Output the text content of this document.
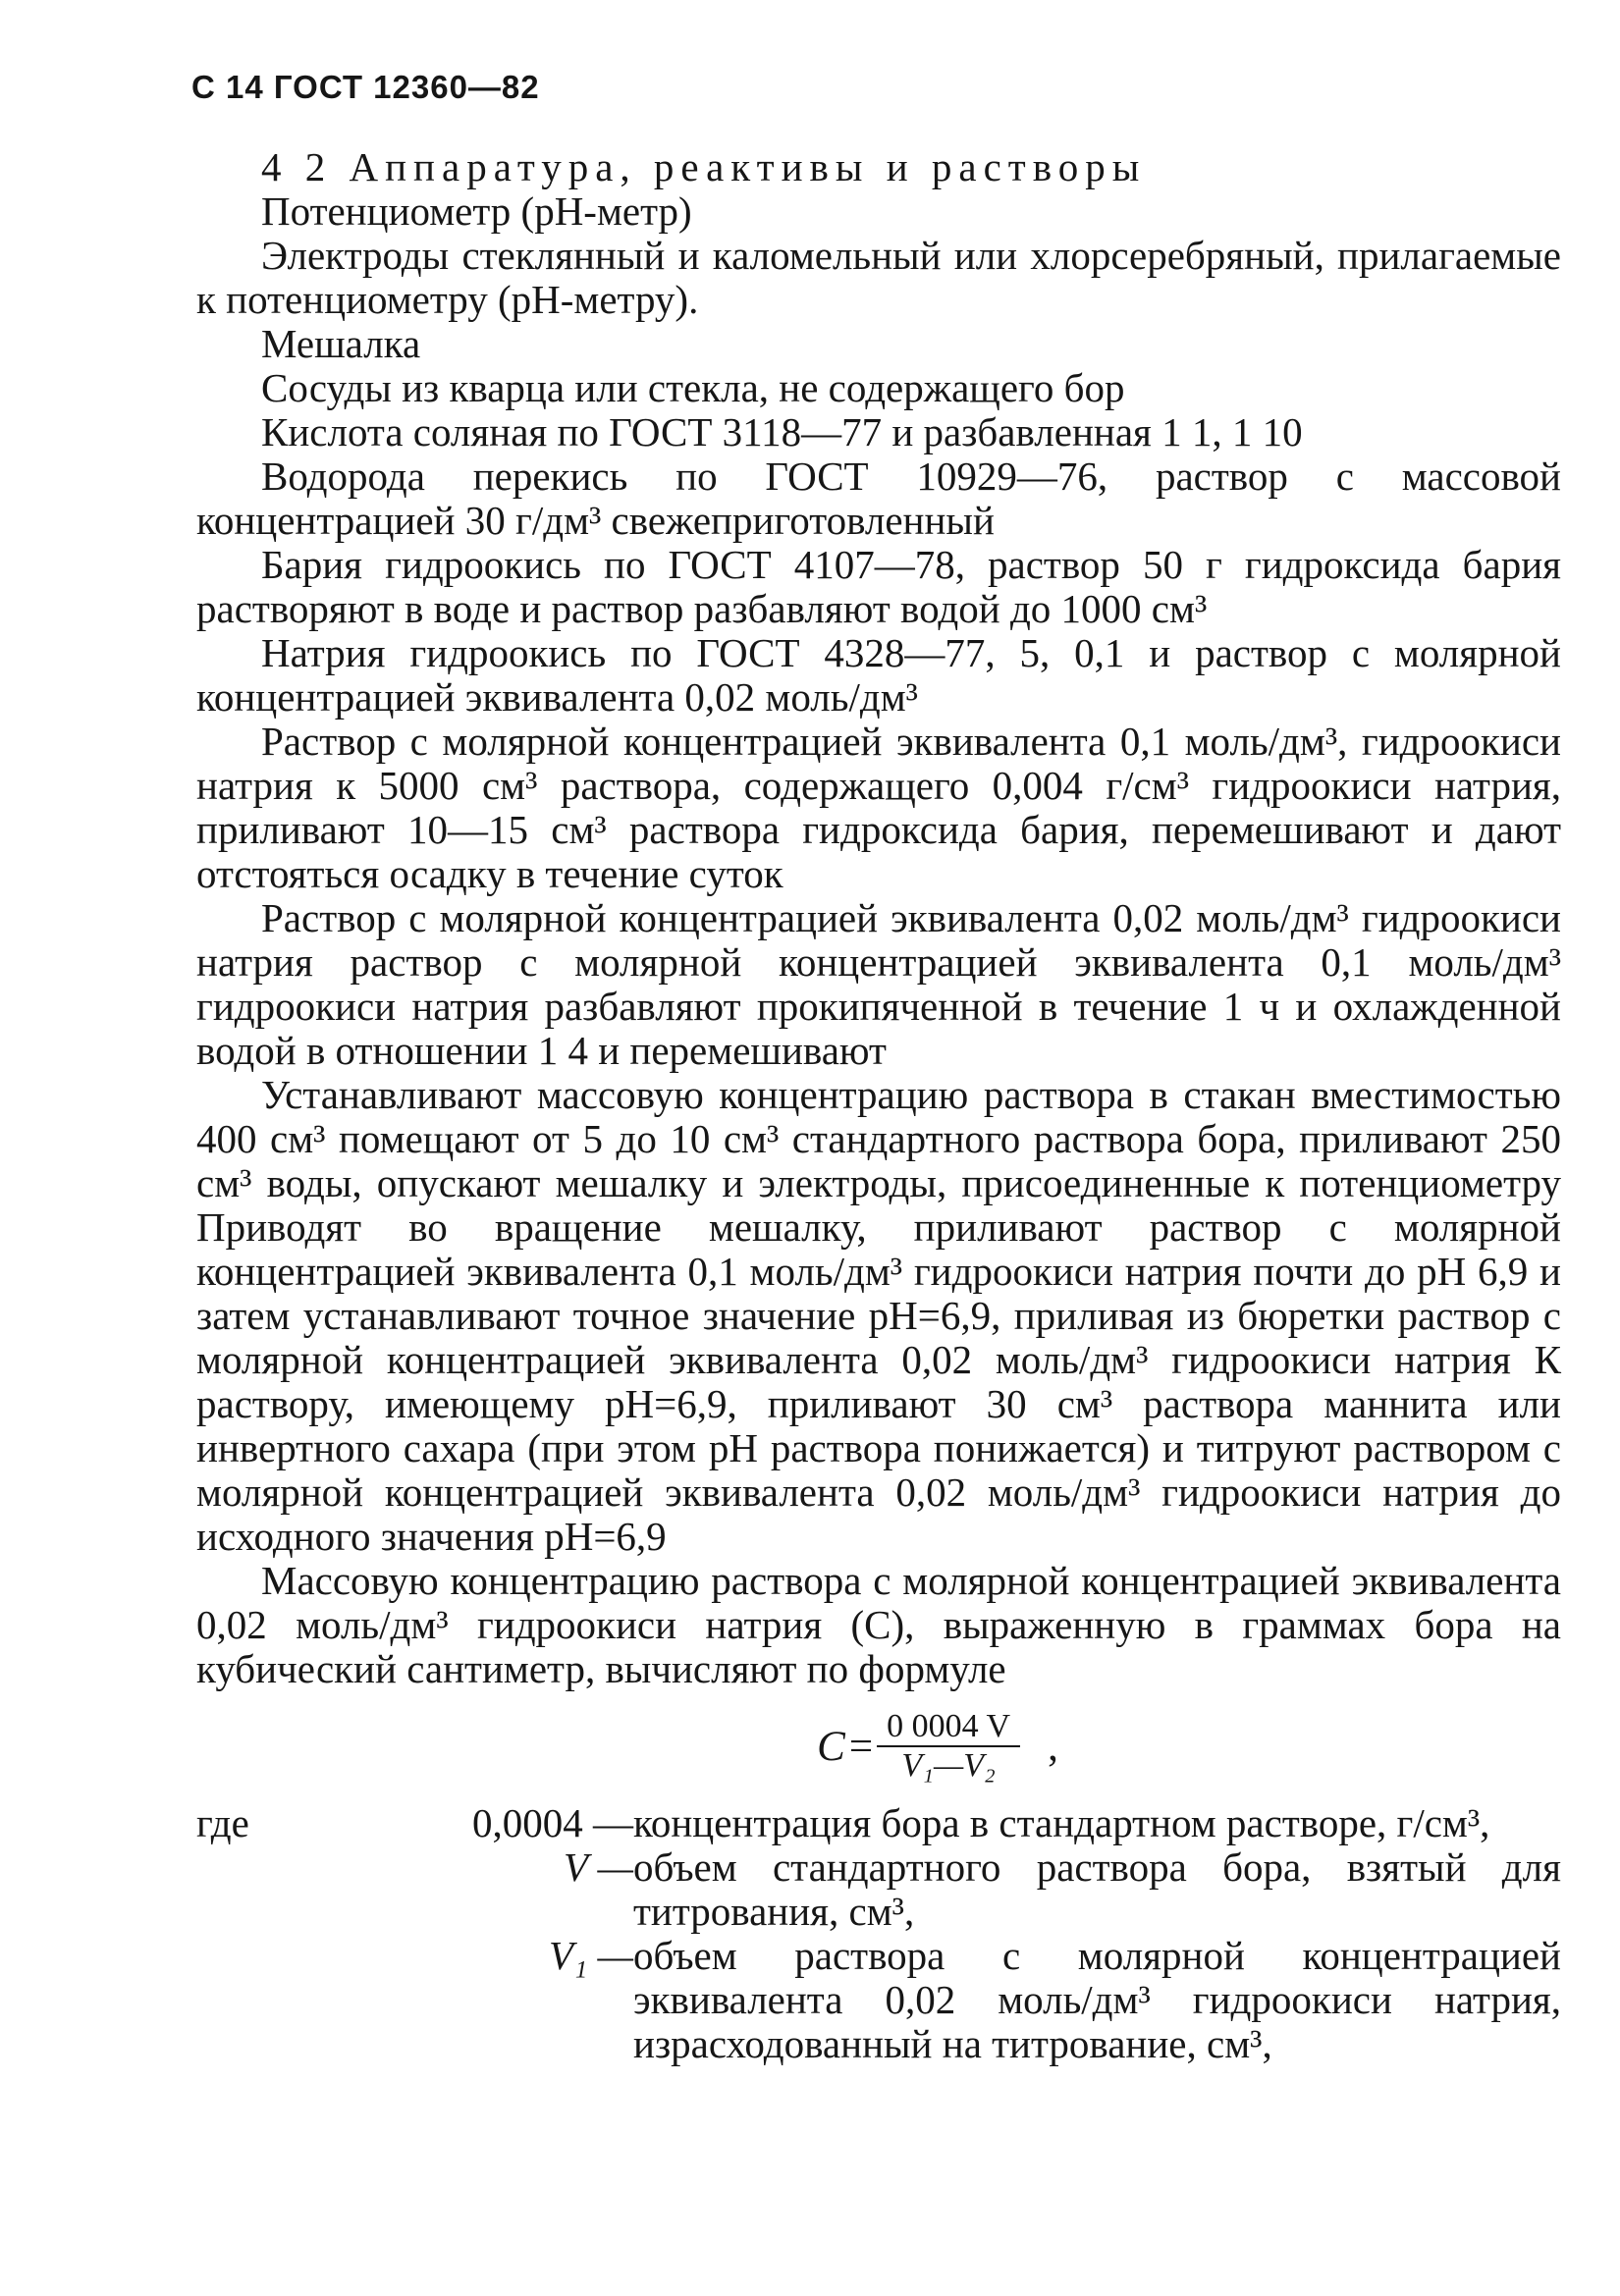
С 14 ГОСТ 12360—82

4 2 Аппаратура, реактивы и растворы

Потенциометр (рН-метр)

Электроды стеклянный и каломельный или хлорсеребряный, прилагаемые к потенциометру (рН-метру).

Мешалка

Сосуды из кварца или стекла, не содержащего бор

Кислота соляная по ГОСТ 3118—77 и разбавленная 1 1, 1 10

Водорода перекись по ГОСТ 10929—76, раствор с массовой концентрацией 30 г/дм³ свежеприготовленный

Бария гидроокись по ГОСТ 4107—78, раствор 50 г гидроксида бария растворяют в воде и раствор разбавляют водой до 1000 см³

Натрия гидроокись по ГОСТ 4328—77, 5, 0,1 и раствор с молярной концентрацией эквивалента 0,02 моль/дм³

Раствор с молярной концентрацией эквивалента 0,1 моль/дм³, гидроокиси натрия к 5000 см³ раствора, содержащего 0,004 г/см³ гидроокиси натрия, приливают 10—15 см³ раствора гидроксида бария, перемешивают и дают отстояться осадку в течение суток

Раствор с молярной концентрацией эквивалента 0,02 моль/дм³ гидроокиси натрия раствор с молярной концентрацией эквивалента 0,1 моль/дм³ гидроокиси натрия разбавляют прокипяченной в течение 1 ч и охлажденной водой в отношении 1 4 и перемешивают

Устанавливают массовую концентрацию раствора в стакан вместимостью 400 см³ помещают от 5 до 10 см³ стандартного раствора бора, приливают 250 см³ воды, опускают мешалку и электроды, присоединенные к потенциометру Приводят во вращение мешалку, приливают раствор с молярной концентрацией эквивалента 0,1 моль/дм³ гидроокиси натрия почти до рН 6,9 и затем устанавливают точное значение рН=6,9, приливая из бюретки раствор с молярной концентрацией эквивалента 0,02 моль/дм³ гидроокиси натрия К раствору, имеющему рН=6,9, приливают 30 см³ раствора маннита или инвертного сахара (при этом рН раствора понижается) и титруют раствором с молярной концентрацией эквивалента 0,02 моль/дм³ гидроокиси натрия до исходного значения рН=6,9

Массовую концентрацию раствора с молярной концентрацией эквивалента 0,02 моль/дм³ гидроокиси натрия (С), выраженную в граммах бора на кубический сантиметр, вычисляют по формуле

$C = \frac{0 0004 V}{\text{V₁—V₂}}$ ,
где	0,0004 — концентрация бора в стандартном растворе, г/см³,
V — объем стандартного раствора бора, взятый для титрования, см³,
V₁ — объем раствора с молярной концентрацией эквивалента 0,02 моль/дм³ гидроокиси натрия, израсходованный на титрование, см³,
